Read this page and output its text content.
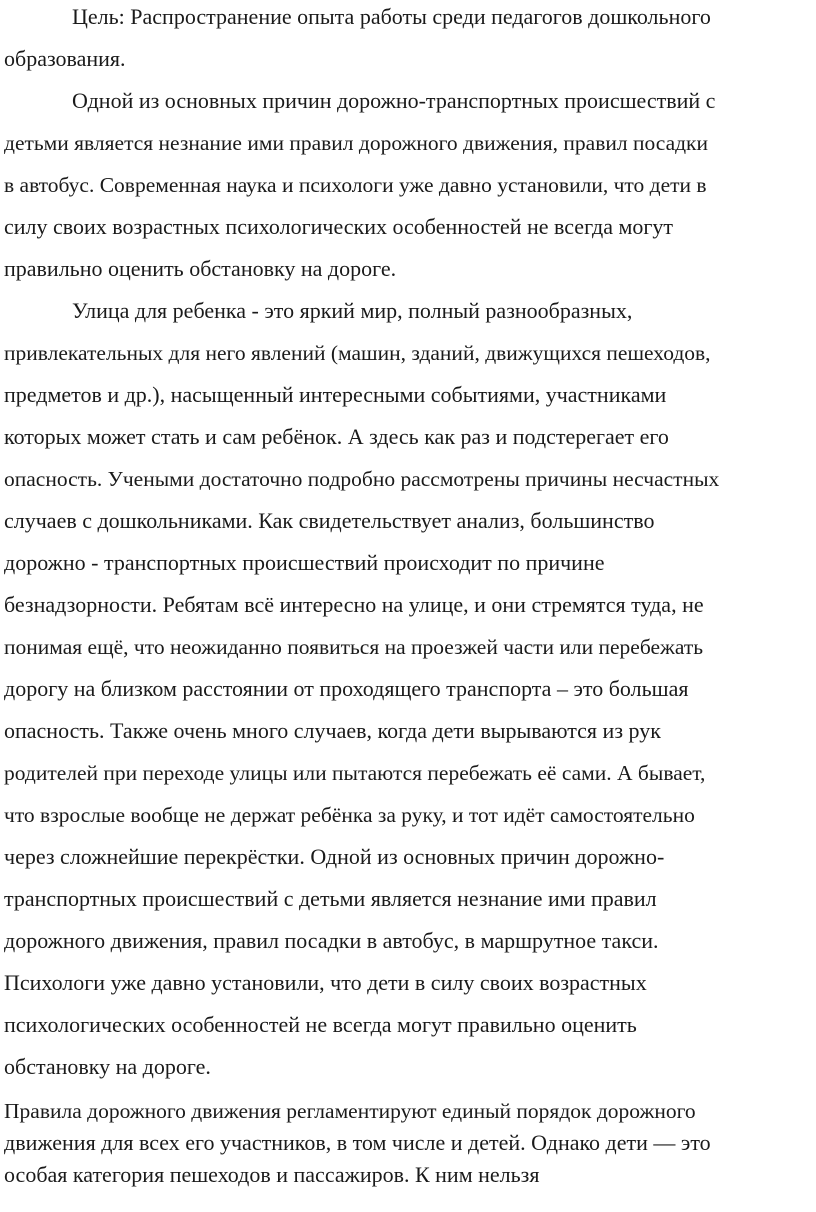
Цель: Распространение опыта работы среди педагогов дошкольного
образования.
Одной из основных причин дорожно-транспортных происшествий с
детьми является незнание ими правил дорожного движения, правил посадки
в автобус. Современная наука и психологи уже давно установили, что дети в
силу своих возрастных психологических особенностей не всегда могут
правильно оценить обстановку на дороге.
Улица для ребенка - это яркий мир, полный разнообразных,
привлекательных для него явлений (машин, зданий, движущихся пешеходов,
предметов и др.), насыщенный интересными событиями, участниками
которых может стать и сам ребёнок. А здесь как раз и подстерегает его
опасность. Учеными достаточно подробно рассмотрены причины несчастных
случаев с дошкольниками. Как свидетельствует анализ, большинство
дорожно - транспортных происшествий происходит по причине
безнадзорности. Ребятам всё интересно на улице, и они стремятся туда, не
понимая ещё, что неожиданно появиться на проезжей части или перебежать
дорогу на близком расстоянии от проходящего транспорта – это большая
опасность. Также очень много случаев, когда дети вырываются из рук
родителей при переходе улицы или пытаются перебежать её сами. А бывает,
что взрослые вообще не держат ребёнка за руку, и тот идёт самостоятельно
через сложнейшие перекрёстки. Одной из основных причин дорожно-
транспортных происшествий с детьми является незнание ими правил
дорожного движения, правил посадки в автобус, в маршрутное такси.
Психологи уже давно установили, что дети в силу своих возрастных
психологических особенностей не всегда могут правильно оценить
обстановку на дороге.
Правила дорожного движения регламентируют единый порядок дорожного
движения для всех его участников, в том числе и детей. Однако дети — это
особая категория пешеходов и пассажиров. К ним нельзя
